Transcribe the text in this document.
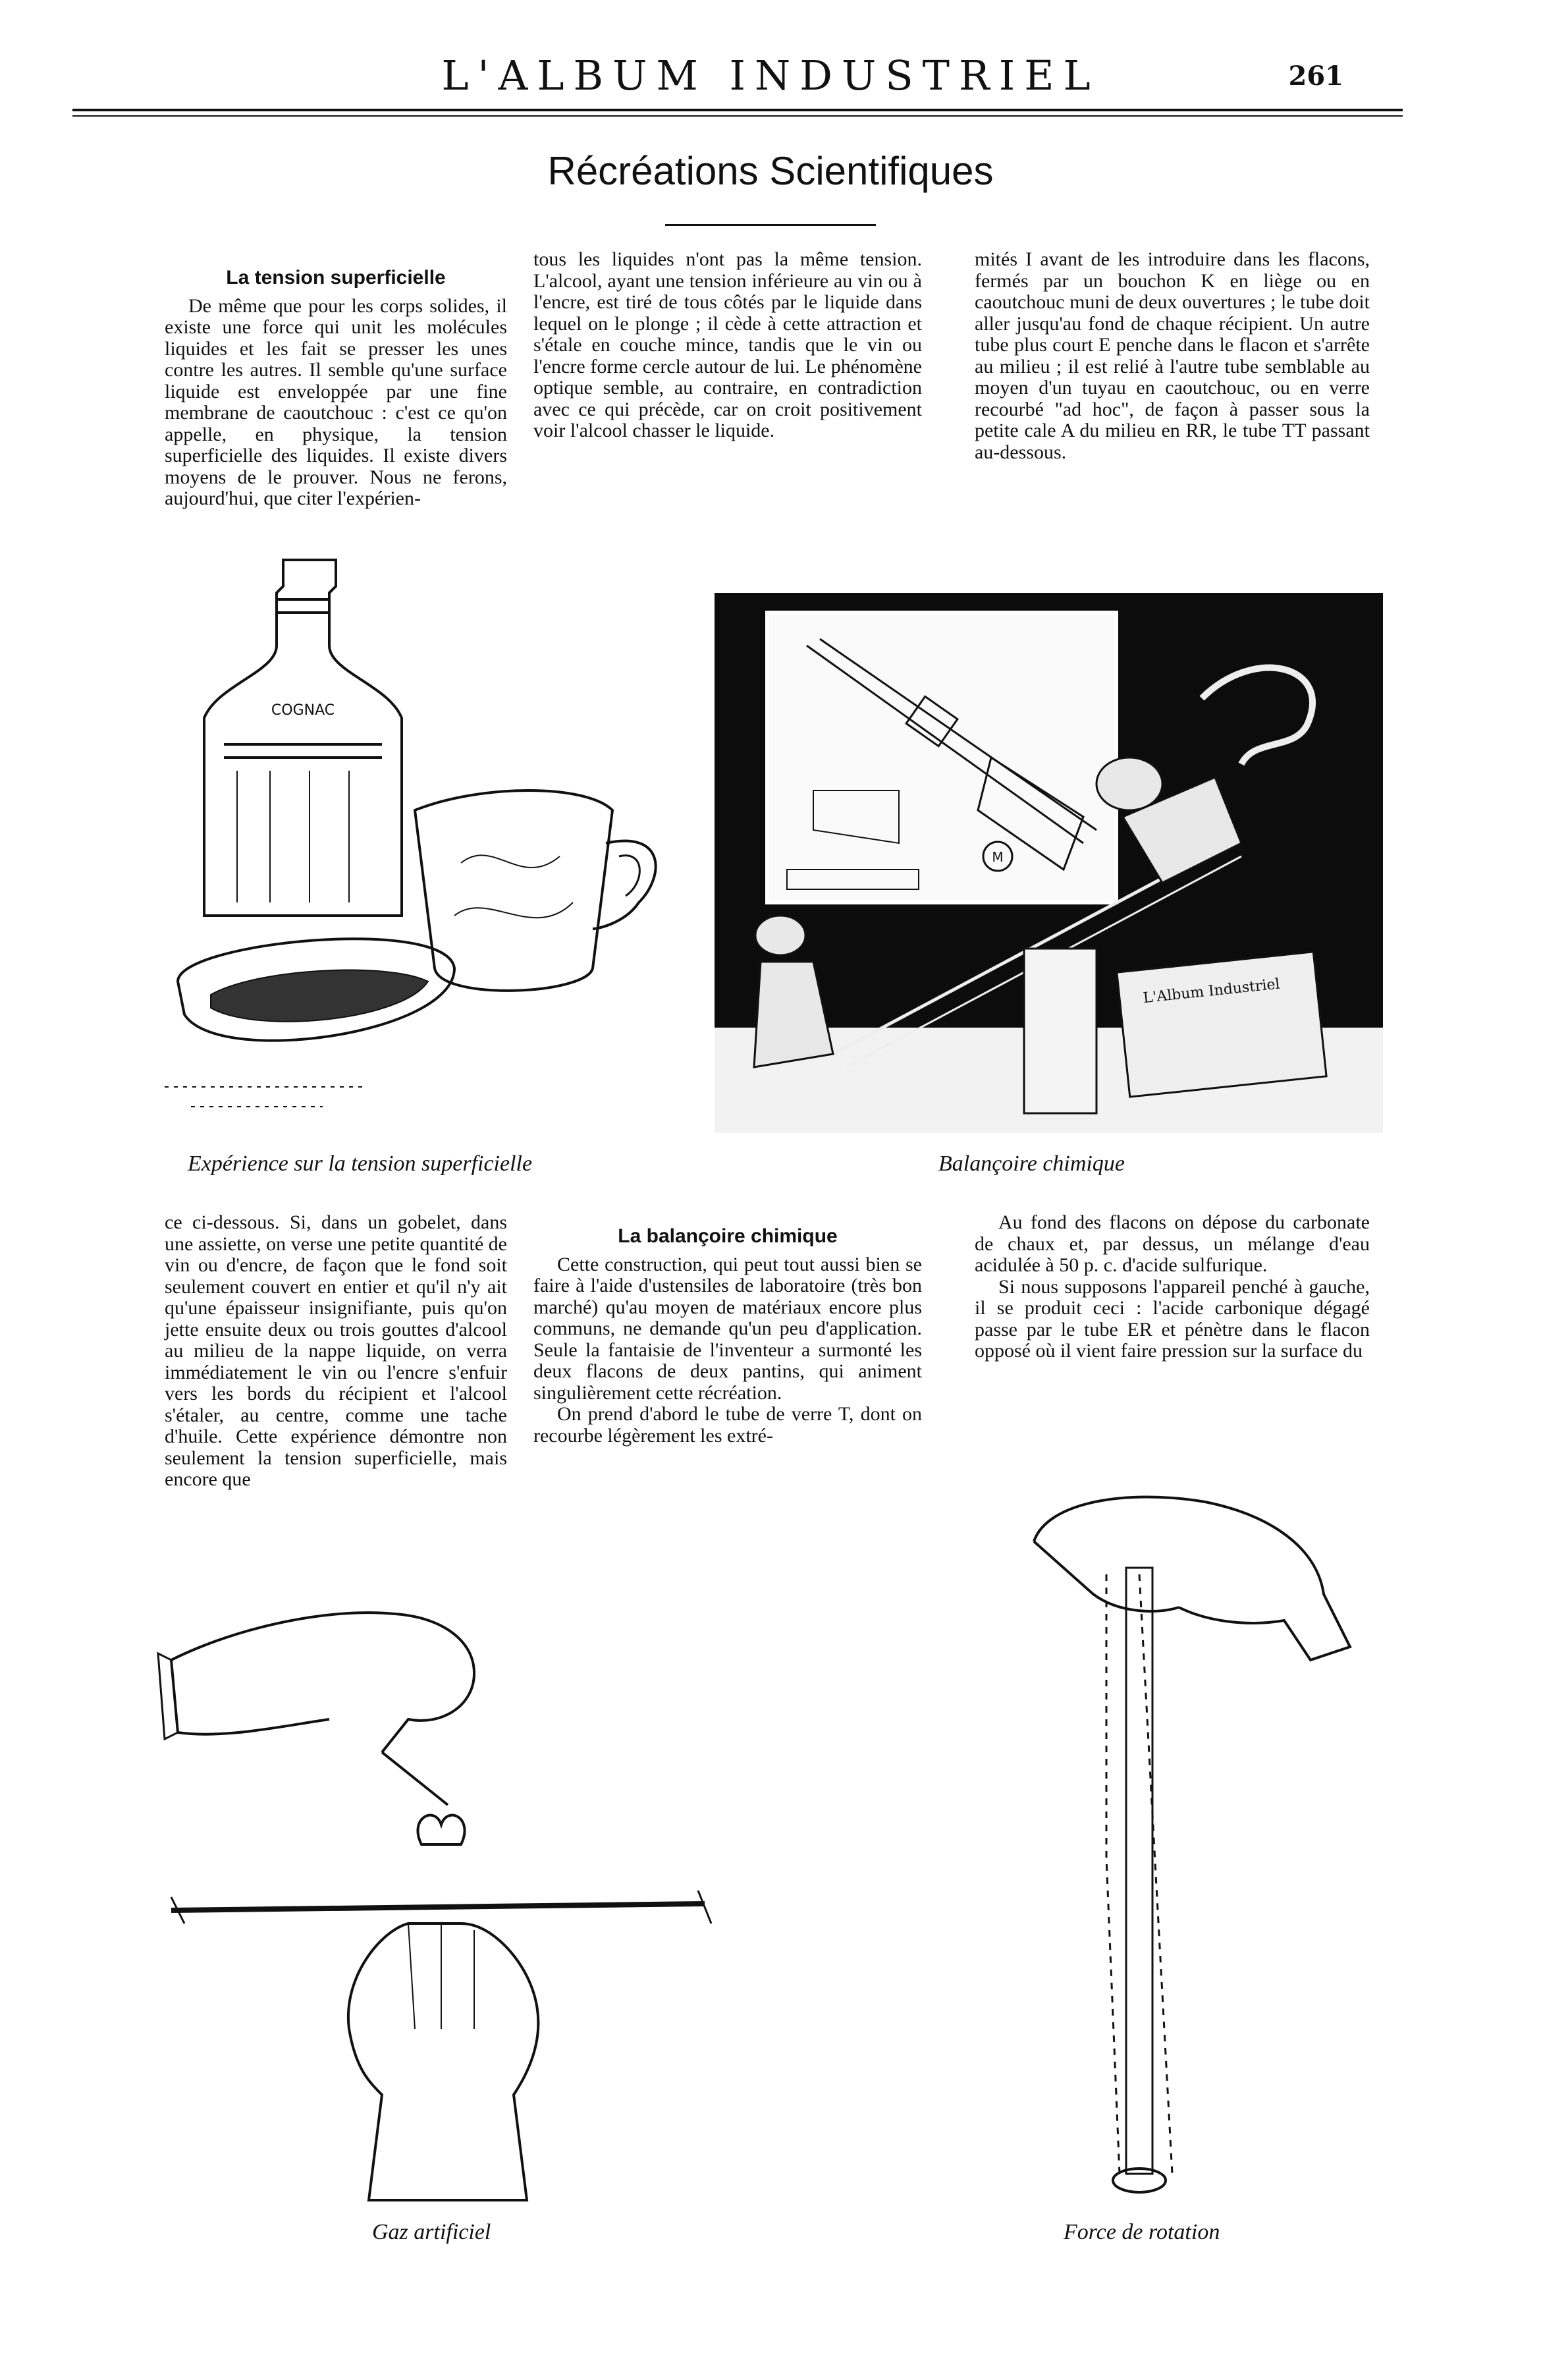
L'ALBUM INDUSTRIEL	261
Récréations Scientifiques
La tension superficielle

De même que pour les corps solides, il existe une force qui unit les molécules liquides et les fait se presser les unes contre les autres. Il semble qu'une surface liquide est enveloppée par une fine membrane de caoutchouc : c'est ce qu'on appelle, en physique, la tension superficielle des liquides. Il existe divers moyens de le prouver. Nous ne ferons, aujourd'hui, que citer l'expérien-

tous les liquides n'ont pas la même tension. L'alcool, ayant une tension inférieure au vin ou à l'encre, est tiré de tous côtés par le liquide dans lequel on le plonge ; il cède à cette attraction et s'étale en couche mince, tandis que le vin ou l'encre forme cercle autour de lui. Le phénomène optique semble, au contraire, en contradiction avec ce qui précède, car on croit positivement voir l'alcool chasser le liquide.

mités I avant de les introduire dans les flacons, fermés par un bouchon K en liège ou en caoutchouc muni de deux ouvertures ; le tube doit aller jusqu'au fond de chaque récipient. Un autre tube plus court E penche dans le flacon et s'arrête au milieu ; il est relié à l'autre tube semblable au moyen d'un tuyau en caoutchouc, ou en verre recourbé "ad hoc", de façon à passer sous la petite cale A du milieu en RR, le tube TT passant au-dessous.

COGNAC
Expérience sur la tension superficielle
M
L'Album Industriel
Balançoire chimique

ce ci-dessous. Si, dans un gobelet, dans une assiette, on verse une petite quantité de vin ou d'encre, de façon que le fond soit seulement couvert en entier et qu'il n'y ait qu'une épaisseur insignifiante, puis qu'on jette ensuite deux ou trois gouttes d'alcool au milieu de la nappe liquide, on verra immédiatement le vin ou l'encre s'enfuir vers les bords du récipient et l'alcool s'étaler, au centre, comme une tache d'huile. Cette expérience démontre non seulement la tension superficielle, mais encore que

La balançoire chimique

Cette construction, qui peut tout aussi bien se faire à l'aide d'ustensiles de laboratoire (très bon marché) qu'au moyen de matériaux encore plus communs, ne demande qu'un peu d'application. Seule la fantaisie de l'inventeur a surmonté les deux flacons de deux pantins, qui animent singulièrement cette récréation.

On prend d'abord le tube de verre T, dont on recourbe légèrement les extré-

Au fond des flacons on dépose du carbonate de chaux et, par dessus, un mélange d'eau acidulée à 50 p. c. d'acide sulfurique.

Si nous supposons l'appareil penché à gauche, il se produit ceci : l'acide carbonique dégagé passe par le tube ER et pénètre dans le flacon opposé où il vient faire pression sur la surface du

Gaz artificiel	Force de rotation
